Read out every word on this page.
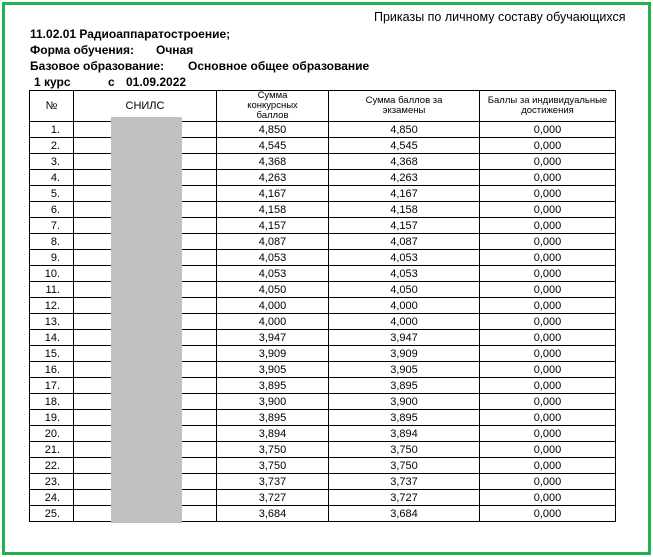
Приказы по личному составу обучающихся
11.02.01 Радиоаппаратостроение;
Форма обучения: Очная
Базовое образование: Основное общее образование
1 курс	с 01.09.2022
№	СНИЛС	Сумма конкурсных баллов	Сумма баллов за экзамены	Баллы за индивидуальные достижения
1.		4,850	4,850	0,000
2.		4,545	4,545	0,000
3.		4,368	4,368	0,000
4.		4,263	4,263	0,000
5.		4,167	4,167	0,000
6.		4,158	4,158	0,000
7.		4,157	4,157	0,000
8.		4,087	4,087	0,000
9.		4,053	4,053	0,000
10.		4,053	4,053	0,000
11.		4,050	4,050	0,000
12.		4,000	4,000	0,000
13.		4,000	4,000	0,000
14.		3,947	3,947	0,000
15.		3,909	3,909	0,000
16.		3,905	3,905	0,000
17.		3,895	3,895	0,000
18.		3,900	3,900	0,000
19.		3,895	3,895	0,000
20.		3,894	3,894	0,000
21.		3,750	3,750	0,000
22.		3,750	3,750	0,000
23.		3,737	3,737	0,000
24.		3,727	3,727	0,000
25.		3,684	3,684	0,000
